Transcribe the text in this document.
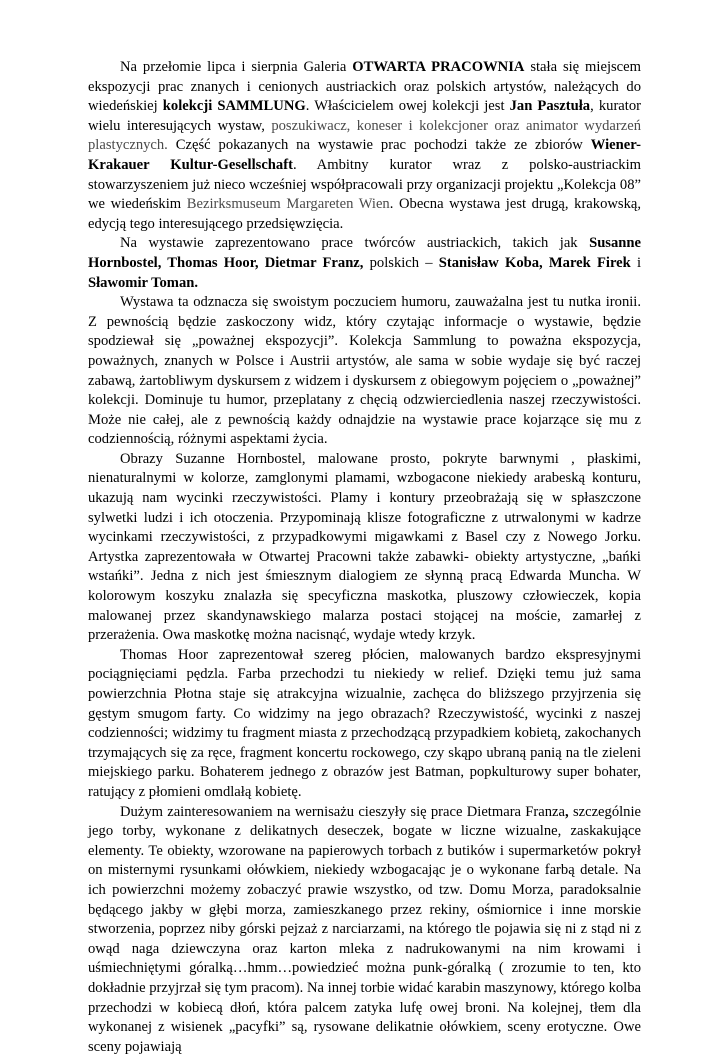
Na przełomie lipca i sierpnia Galeria OTWARTA PRACOWNIA stała się miejscem ekspozycji prac znanych i cenionych austriackich oraz polskich artystów, należących do wiedeńskiej kolekcji SAMMLUNG. Właścicielem owej kolekcji jest Jan Pasztuła, kurator wielu interesujących wystaw, poszukiwacz, koneser i kolekcjoner oraz animator wydarzeń plastycznych. Część pokazanych na wystawie prac pochodzi także ze zbiorów Wiener-Krakauer Kultur-Gesellschaft. Ambitny kurator wraz z polsko-austriackim stowarzyszeniem już nieco wcześniej współpracowali przy organizacji projektu „Kolekcja 08” we wiedeńskim Bezirksmuseum Margareten Wien. Obecna wystawa jest drugą, krakowską, edycją tego interesującego przedsięwzięcia.

Na wystawie zaprezentowano prace twórców austriackich, takich jak Susanne Hornbostel, Thomas Hoor, Dietmar Franz, polskich – Stanisław Koba, Marek Firek i Sławomir Toman.

Wystawa ta odznacza się swoistym poczuciem humoru, zauważalna jest tu nutka ironii. Z pewnością będzie zaskoczony widz, który czytając informacje o wystawie, będzie spodziewał się „poważnej ekspozycji”. Kolekcja Sammlung to poważna ekspozycja, poważnych, znanych w Polsce i Austrii artystów, ale sama w sobie wydaje się być raczej zabawą, żartobliwym dyskursem z widzem i dyskursem z obiegowym pojęciem o „poważnej” kolekcji. Dominuje tu humor, przeplatany z chęcią odzwierciedlenia naszej rzeczywistości. Może nie całej, ale z pewnością każdy odnajdzie na wystawie prace kojarzące się mu z codziennością, różnymi aspektami życia.

Obrazy Suzanne Hornbostel, malowane prosto, pokryte barwnymi , płaskimi, nienaturalnymi w kolorze, zamglonymi plamami, wzbogacone niekiedy arabeską konturu, ukazują nam wycinki rzeczywistości. Plamy i kontury przeobrażają się w spłaszczone sylwetki ludzi i ich otoczenia. Przypominają klisze fotograficzne z utrwalonymi w kadrze wycinkami rzeczywistości, z przypadkowymi migawkami z Basel czy z Nowego Jorku. Artystka zaprezentowała w Otwartej Pracowni także zabawki- obiekty artystyczne, „bańki wstańki”. Jedna z nich jest śmiesznym dialogiem ze słynną pracą Edwarda Muncha. W kolorowym koszyku znalazła się specyficzna maskotka, pluszowy człowieczek, kopia malowanej przez skandynawskiego malarza postaci stojącej na moście, zamarłej z przerażenia. Owa maskotkę można nacisnąć, wydaje wtedy krzyk.

Thomas Hoor zaprezentował szereg płócien, malowanych bardzo ekspresyjnymi pociągnięciami pędzla. Farba przechodzi tu niekiedy w relief. Dzięki temu już sama powierzchnia Płotna staje się atrakcyjna wizualnie, zachęca do bliższego przyjrzenia się gęstym smugom farty. Co widzimy na jego obrazach? Rzeczywistość, wycinki z naszej codzienności; widzimy tu fragment miasta z przechodzącą przypadkiem kobietą, zakochanych trzymających się za ręce, fragment koncertu rockowego, czy skąpo ubraną panią na tle zieleni miejskiego parku. Bohaterem jednego z obrazów jest Batman, popkulturowy super bohater, ratujący z płomieni omdlałą kobietę.

Dużym zainteresowaniem na wernisażu cieszyły się prace Dietmara Franza, szczególnie jego torby, wykonane z delikatnych deseczek, bogate w liczne wizualne, zaskakujące elementy. Te obiekty, wzorowane na papierowych torbach z butików i supermarketów pokrył on misternymi rysunkami ołówkiem, niekiedy wzbogacając je o wykonane farbą detale. Na ich powierzchni możemy zobaczyć prawie wszystko, od tzw. Domu Morza, paradoksalnie będącego jakby w głębi morza, zamieszkanego przez rekiny, ośmiornice i inne morskie stworzenia, poprzez niby górski pejzaż z narciarzami, na którego tle pojawia się ni z stąd ni z owąd naga dziewczyna oraz karton mleka z nadrukowanymi na nim krowami i uśmiechniętymi góralką…hmm…powiedzieć można punk-góralką ( zrozumie to ten, kto dokładnie przyjrzał się tym pracom). Na innej torbie widać karabin maszynowy, którego kolba przechodzi w kobiecą dłoń, która palcem zatyka lufę owej broni. Na kolejnej, tłem dla wykonanej z wisienek „pacyfki” są, rysowane delikatnie ołówkiem, sceny erotyczne. Owe sceny pojawiają
